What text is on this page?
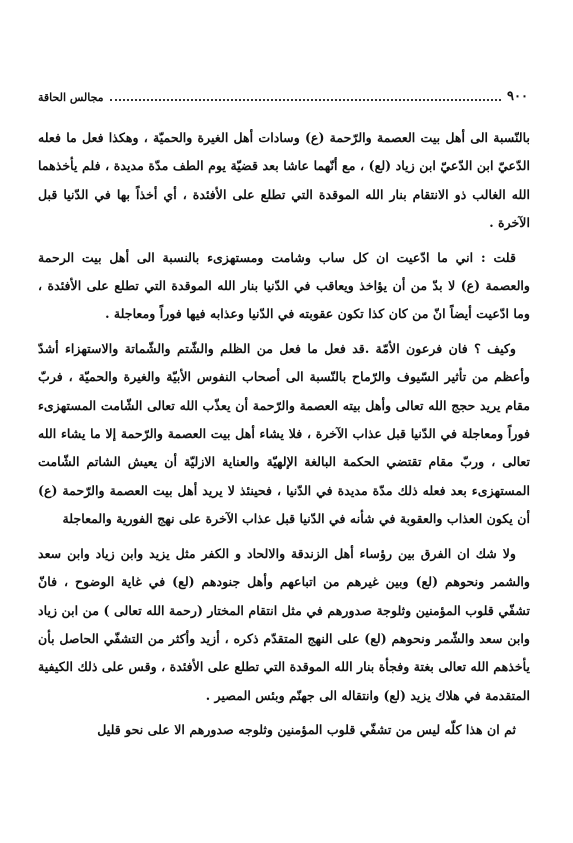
٩٠٠
مجالس الحاقة

بالنّسبة الى أهل بيت العصمة والرّحمة (ع) وسادات أهل الغيرة والحميّة ، وهكذا فعل ما فعله الدّعيّ ابن الدّعيّ ابن زياد (لع) ، مع أنّهما عاشا بعد قضيّة يوم الطف مدّة مديدة ، فلم يأخذهما الله الغالب ذو الانتقام بنار الله الموقدة التي تطلع على الأفئدة ، أي أخذاً بها في الدّنيا قبل الآخرة .

قلت : اني ما ادّعيت ان كل ساب وشامت ومستهزىء بالنسبة الى أهل بيت الرحمة والعصمة (ع) لا بدّ من أن يؤاخذ ويعاقب في الدّنيا بنار الله الموقدة التي تطلع على الأفئدة ، وما ادّعيت أيضاً انّ من كان كذا تكون عقوبته في الدّنيا وعذابه فيها فوراً ومعاجلة .

وكيف ؟ فان فرعون الأمّة .قد فعل ما فعل من الظلم والشّتم والشّماتة والاستهزاء أشدّ وأعظم من تأثير السّيوف والرّماح بالنّسبة الى أصحاب النفوس الأبيّة والغيرة والحميّة ، فربّ مقام يريد حجج الله تعالى وأهل بيته العصمة والرّحمة أن يعذّب الله تعالى الشّامت المستهزىء فوراً ومعاجلة في الدّنيا قبل عذاب الآخرة ، فلا يشاء أهل بيت العصمة والرّحمة إلا ما يشاء الله تعالى ، وربّ مقام تقتضي الحكمة البالغة الإلهيّة والعناية الازليّة أن يعيش الشاتم الشّامت المستهزىء بعد فعله ذلك مدّة مديدة في الدّنيا ، فحينئذ لا يريد أهل بيت العصمة والرّحمة (ع) أن يكون العذاب والعقوبة في شأنه في الدّنيا قبل عذاب الآخرة على نهج الفورية والمعاجلة

ولا شك ان الفرق بين رؤساء أهل الزندقة والالحاد و الكفر مثل يزيد وابن زياد وابن سعد والشمر ونحوهم (لع) وبين غيرهم من اتباعهم وأهل جنودهم (لع) في غاية الوضوح ، فانّ تشفّي قلوب المؤمنين وثلوجة صدورهم في مثل انتقام المختار (رحمة الله تعالى ) من ابن زياد وابن سعد والشّمر ونحوهم (لع) على النهج المتقدّم ذكره ، أزيد وأكثر من التشفّي الحاصل بأن يأخذهم الله تعالى بغتة وفجأة بنار الله الموقدة التي تطلع على الأفئدة ، وقس على ذلك الكيفية المتقدمة في هلاك يزيد (لع) وانتقاله الى جهنّم وبئس المصير .

ثم ان هذا كلّه ليس من تشفّي قلوب المؤمنين وثلوجه صدورهم الا على نحو قليل
